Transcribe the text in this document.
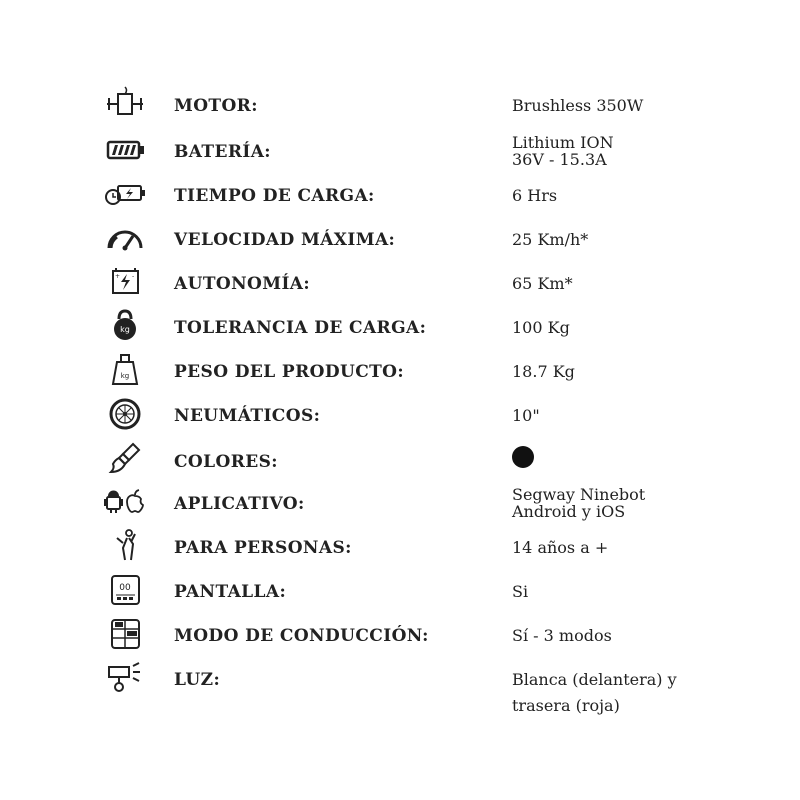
MOTOR:	Brushless 350W
BATERÍA:	Lithium ION
36V - 15.3A
TIEMPO DE CARGA:	6 Hrs
VELOCIDAD MÁXIMA:	25 Km/h*
+ - AUTONOMÍA:	65 Km*
kg	TOLERANCIA DE CARGA:	100 Kg
kg	PESO DEL PRODUCTO:	18.7 Kg
NEUMÁTICOS:	10"
COLORES:
APLICATIVO:	Segway Ninebot
Android y iOS
PARA PERSONAS:	14 años a +
00	PANTALLA:	Si
MODO DE CONDUCCIÓN:	Sí - 3 modos
LUZ:	Blanca (delantera) y
trasera (roja)
